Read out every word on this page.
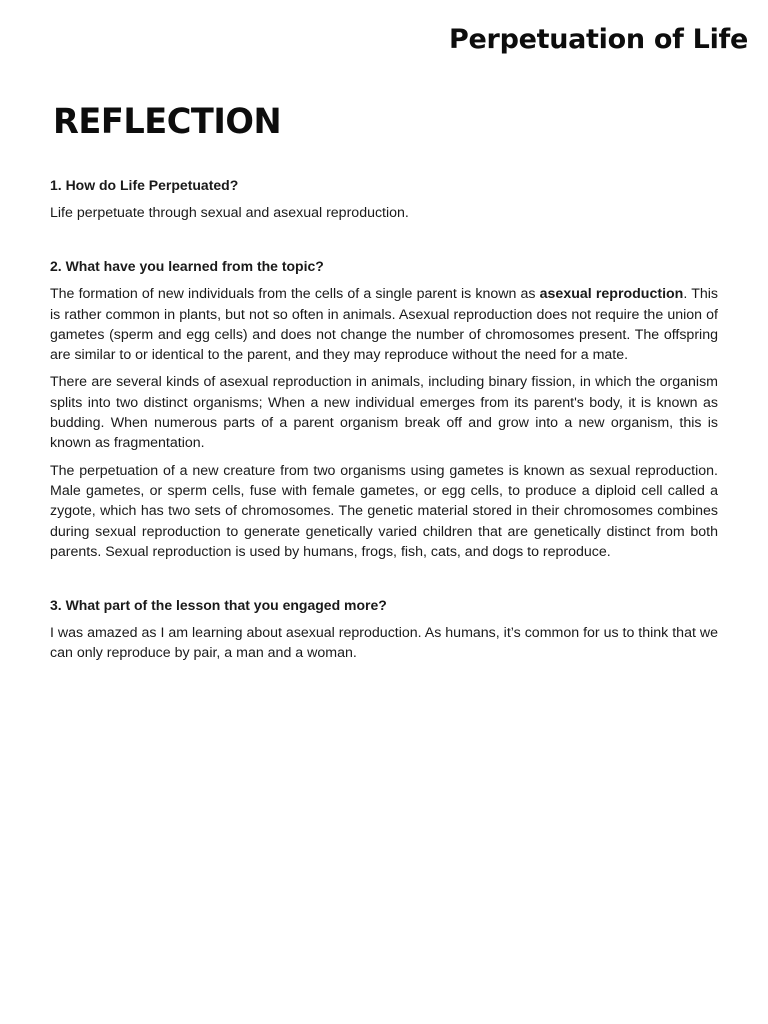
Perpetuation of Life
REFLECTION

1. How do Life Perpetuated?

Life perpetuate through sexual and asexual reproduction.

2. What have you learned from the topic?

The formation of new individuals from the cells of a single parent is known as asexual reproduction. This is rather common in plants, but not so often in animals. Asexual reproduction does not require the union of gametes (sperm and egg cells) and does not change the number of chromosomes present. The offspring are similar to or identical to the parent, and they may reproduce without the need for a mate.

There are several kinds of asexual reproduction in animals, including binary fission, in which the organism splits into two distinct organisms; When a new individual emerges from its parent's body, it is known as budding. When numerous parts of a parent organism break off and grow into a new organism, this is known as fragmentation.

The perpetuation of a new creature from two organisms using gametes is known as sexual reproduction. Male gametes, or sperm cells, fuse with female gametes, or egg cells, to produce a diploid cell called a zygote, which has two sets of chromosomes. The genetic material stored in their chromosomes combines during sexual reproduction to generate genetically varied children that are genetically distinct from both parents. Sexual reproduction is used by humans, frogs, fish, cats, and dogs to reproduce.

3. What part of the lesson that you engaged more?

I was amazed as I am learning about asexual reproduction. As humans, it’s common for us to think that we can only reproduce by pair, a man and a woman.
